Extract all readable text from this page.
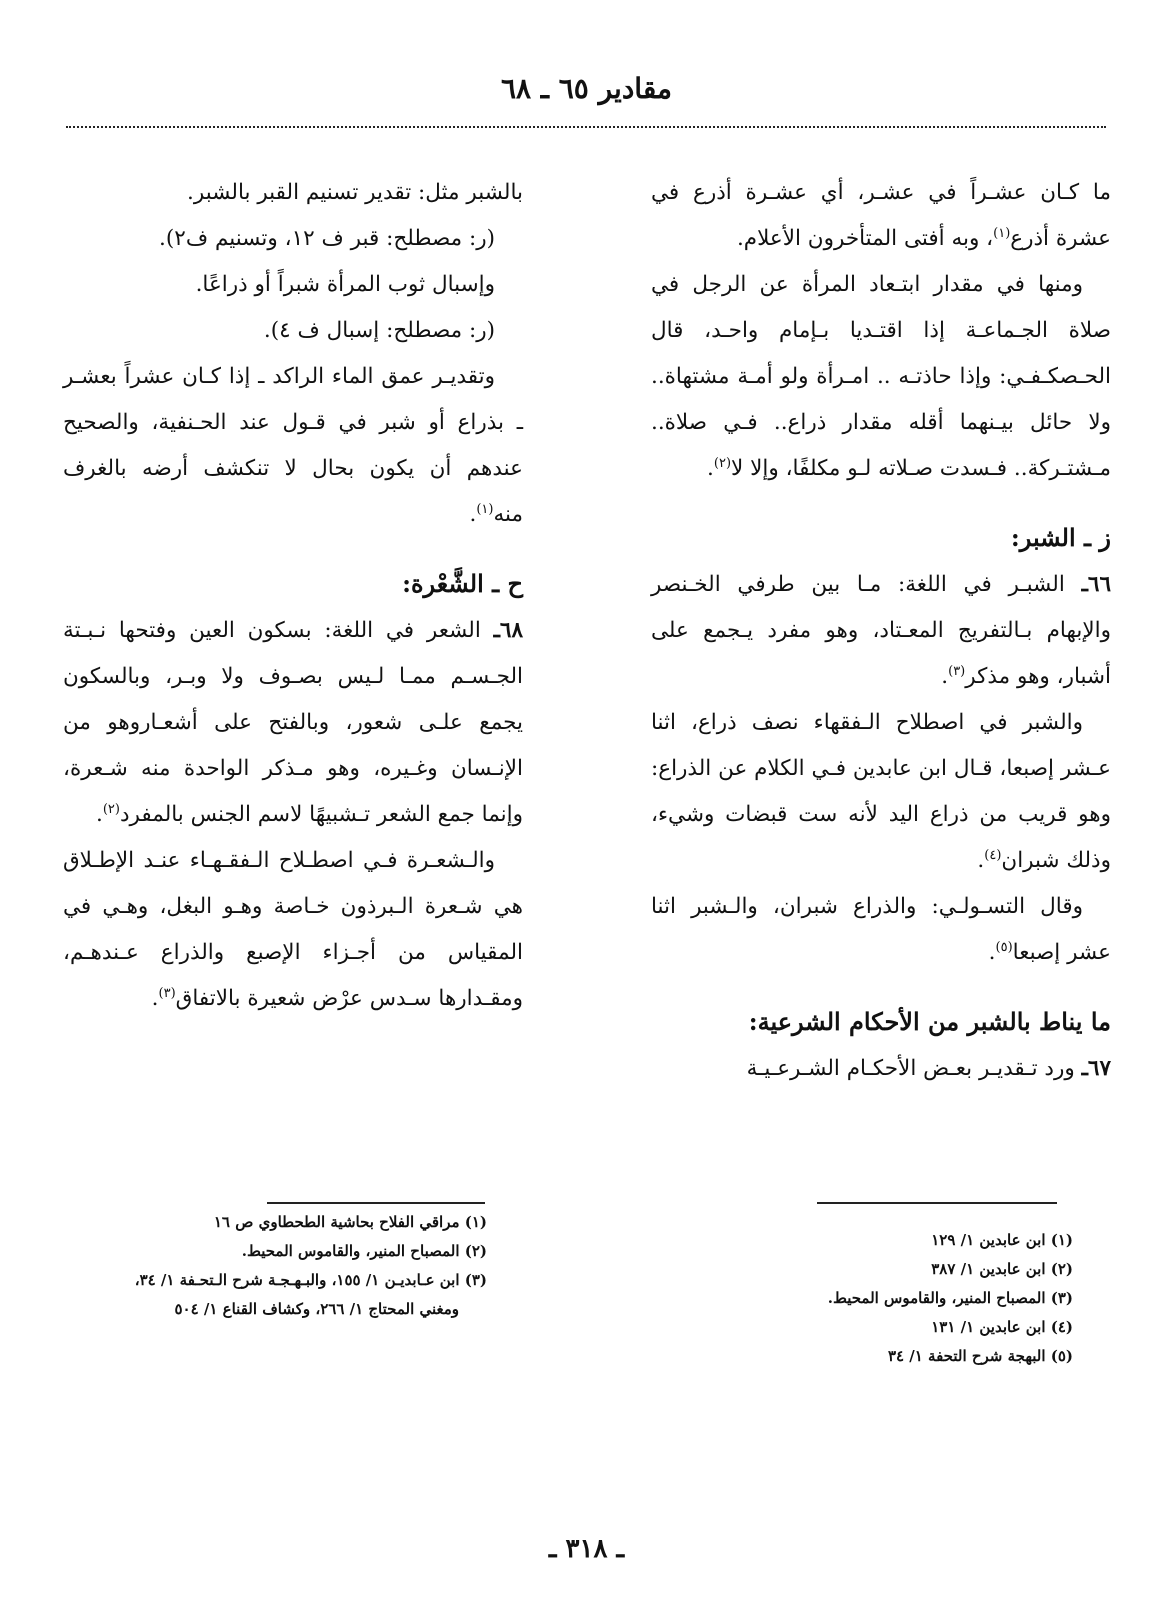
مقادير ٦٥ ـ ٦٨

ما كـان عشـراً في عشـر، أي عشـرة أذرع في عشرة أذرع$^{(١)}$، وبه أفتى المتأخرون الأعلام.

ومنها في مقدار ابتـعاد المرأة عن الرجل في صلاة الجـماعـة إذا اقتـديا بـإمام واحـد، قال الحـصكـفـي: وإذا حاذتـه .. امـرأة ولو أمـة مشتهاة.. ولا حائل بيـنهما أقله مقدار ذراع.. فـي صلاة.. مـشتـركة.. فـسدت صـلاته لـو مكلفًا، وإلا لا$^{(٢)}$.

ز ـ الشبر:

٦٦ـ الشبـر في اللغة: مـا بين طرفي الخـنصر والإبهام بـالتفريج المعـتاد، وهو مفرد يـجمع على أشبار، وهو مذكر$^{(٣)}$.

والشبر في اصطلاح الـفقهاء نصف ذراع، اثنا عـشر إصبعا، قـال ابن عابدين فـي الكلام عن الذراع: وهو قريب من ذراع اليد لأنه ست قبضات وشيء، وذلك شبران$^{(٤)}$.

وقال التسـولـي: والذراع شبران، والـشبر اثنا عشر إصبعا$^{(٥)}$.

ما يناط بالشبر من الأحكام الشرعية:

٦٧ـ ورد تـقديـر بعـض الأحكـام الشـرعـيـة

بالشبر مثل: تقدير تسنيم القبر بالشبر.

(ر: مصطلح: قبر ف ١٢، وتسنيم ف٢).

وإسبال ثوب المرأة شبراً أو ذراعًا.

(ر: مصطلح: إسبال ف ٤).

وتقديـر عمق الماء الراكد ـ إذا كـان عشراً بعشـر ـ بذراع أو شبر في قـول عند الحـنفية، والصحيح عندهم أن يكون بحال لا تنكشف أرضه بالغرف منه$^{(١)}$.

ح ـ الشَّعْرة:

٦٨ـ الشعر في اللغة: بسكون العين وفتحها نـبـتة الجـسـم ممـا لـيس بصـوف ولا وبـر، وبالسكون يجمع علـى شعور، وبالفتح على أشعـاروهو من الإنـسان وغـيره، وهو مـذكر الواحدة منه شـعرة، وإنما جمع الشعر تـشبيهًا لاسم الجنس بالمفرد$^{(٢)}$.

والـشعـرة فـي اصطـلاح الـفقـهـاء عنـد الإطـلاق هي شـعرة الـبرذون خـاصة وهـو البغل، وهـي في المقياس من أجـزاء الإصبع والذراع عـندهـم، ومقـدارها سـدس عرْض شعيرة بالاتفاق$^{(٣)}$.

(١) ابن عابدين ١/ ١٢٩
(٢) ابن عابدين ١/ ٣٨٧
(٣) المصباح المنير، والقاموس المحيط.
(٤) ابن عابدين ١/ ١٣١
(٥) البهجة شرح التحفة ١/ ٣٤
(١) مراقي الفلاح بحاشية الطحطاوي ص ١٦
(٢) المصباح المنير، والقاموس المحيط.
(٣) ابن عـابديـن ١/ ١٥٥، والبـهـجـة شرح الـتحـفة ١/ ٣٤،
ومغني المحتاج ١/ ٢٦٦، وكشاف القناع ١/ ٥٠٤
ـ ٣١٨ ـ
